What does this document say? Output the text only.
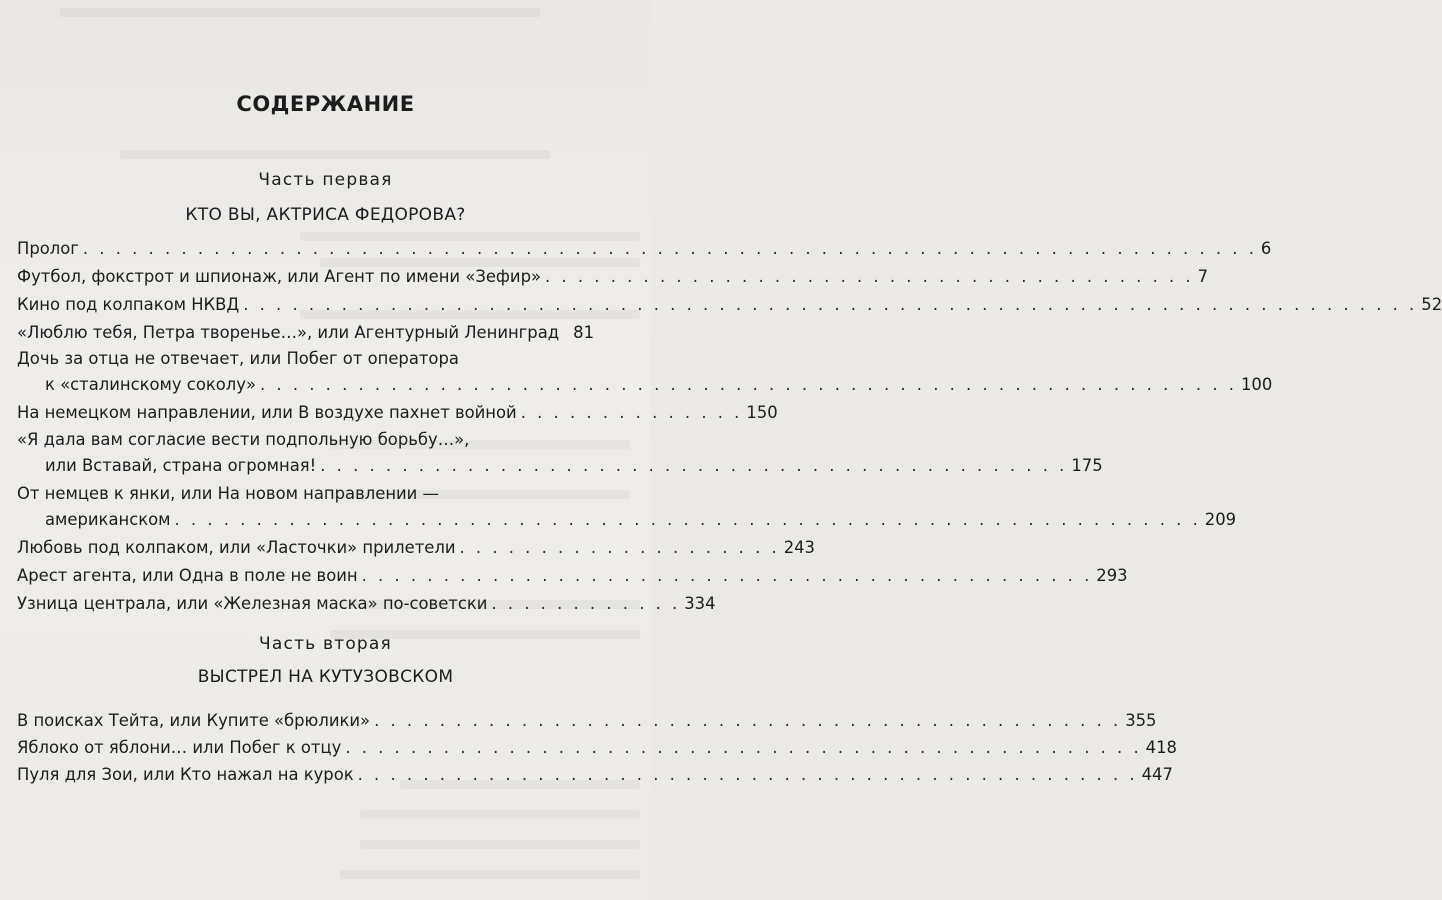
СОДЕРЖАНИЕ
Часть первая
КТО ВЫ, АКТРИСА ФЕДОРОВА?
Пролог . . . . . . . . . . . . . . . . . . . . . . . . . . . . . . . . . . . . . . . . . . . . . . . . . . . . . . . . . . . . . . . . . . . . . . . . 6
Футбол, фокстрот и шпионаж, или Агент по имени «Зефир» . . . . . . . . . . . . . . . . . . . . . . . . . . . . . . . . . . . . . . . . 7
Кино под колпаком НКВД . . . . . . . . . . . . . . . . . . . . . . . . . . . . . . . . . . . . . . . . . . . . . . . . . . . . . . . . . . . . . . . . . . . . . . . . 52
«Люблю тебя, Петра творенье…», или Агентурный Ленинград 81
Дочь за отца не отвечает, или Побег от оператора
к «сталинскому соколу» . . . . . . . . . . . . . . . . . . . . . . . . . . . . . . . . . . . . . . . . . . . . . . . . . . . . . . . . . . . . 100
На немецком направлении, или В воздухе пахнет войной . . . . . . . . . . . . . . 150
«Я дала вам согласие вести подпольную борьбу…»,
или Вставай, страна огромная! . . . . . . . . . . . . . . . . . . . . . . . . . . . . . . . . . . . . . . . . . . . . . . 175
От немцев к янки, или На новом направлении —
американском . . . . . . . . . . . . . . . . . . . . . . . . . . . . . . . . . . . . . . . . . . . . . . . . . . . . . . . . . . . . . . . 209
Любовь под колпаком, или «Ласточки» прилетели . . . . . . . . . . . . . . . . . . . . 243
Арест агента, или Одна в поле не воин . . . . . . . . . . . . . . . . . . . . . . . . . . . . . . . . . . . . . . . . . . . . . 293
Узница централа, или «Железная маска» по-советски . . . . . . . . . . . . 334
Часть вторая
ВЫСТРЕЛ НА КУТУЗОВСКОМ
В поисках Тейта, или Купите «брюлики» . . . . . . . . . . . . . . . . . . . . . . . . . . . . . . . . . . . . . . . . . . . . . . 355
Яблоко от яблони… или Побег к отцу . . . . . . . . . . . . . . . . . . . . . . . . . . . . . . . . . . . . . . . . . . . . . . . . . 418
Пуля для Зои, или Кто нажал на курок . . . . . . . . . . . . . . . . . . . . . . . . . . . . . . . . . . . . . . . . . . . . . . . . 447
